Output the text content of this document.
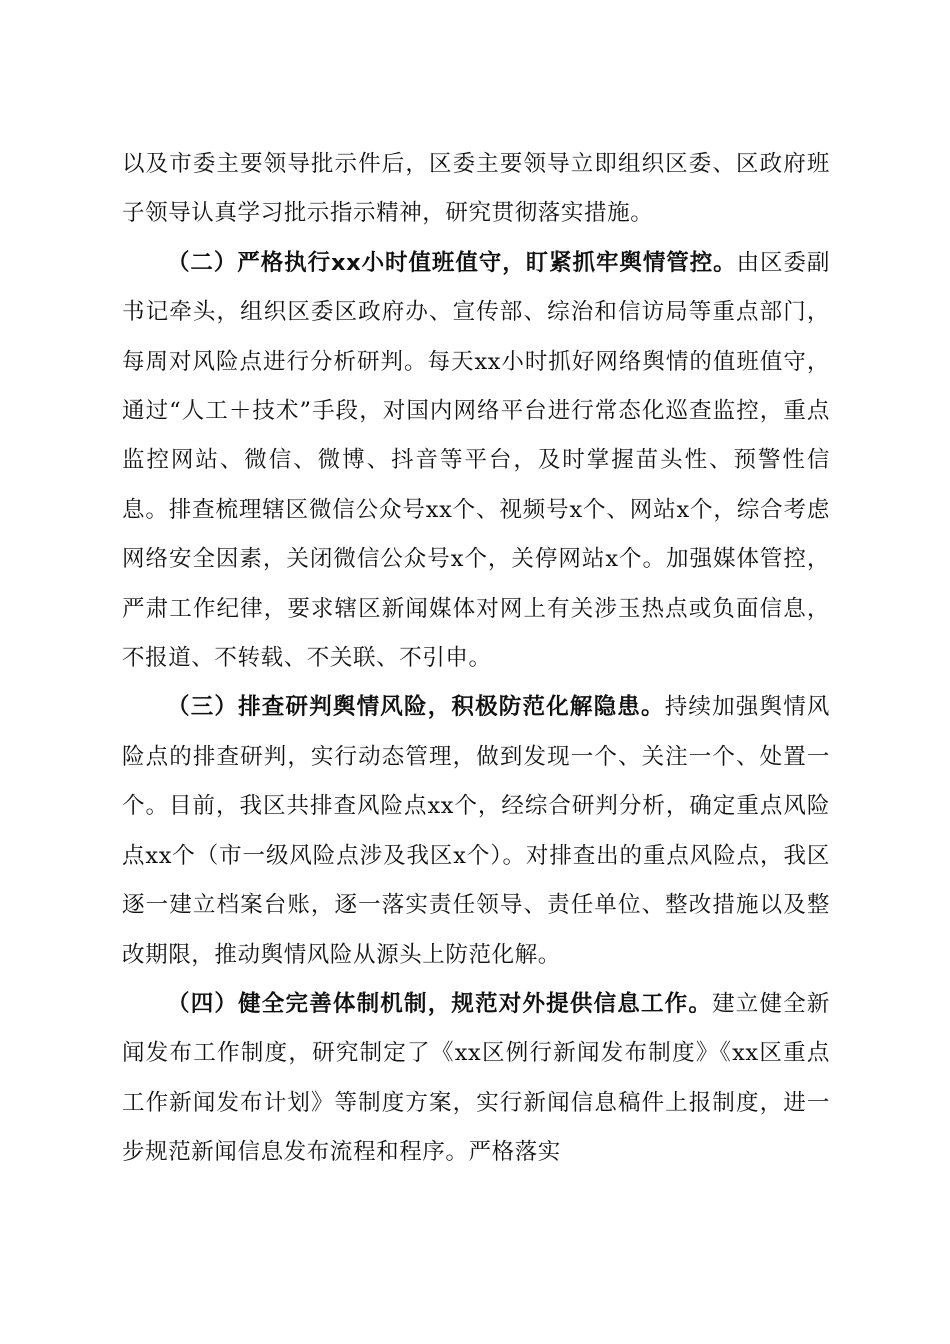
以及市委主要领导批示件后，区委主要领导立即组织区委、区政府班子领导认真学习批示指示精神，研究贯彻落实措施。

（二）严格执行xx小时值班值守，盯紧抓牢舆情管控。由区委副书记牵头，组织区委区政府办、宣传部、综治和信访局等重点部门，每周对风险点进行分析研判。每天xx小时抓好网络舆情的值班值守，通过“人工＋技术”手段，对国内网络平台进行常态化巡查监控，重点监控网站、微信、微博、抖音等平台，及时掌握苗头性、预警性信息。排查梳理辖区微信公众号xx个、视频号x个、网站x个，综合考虑网络安全因素，关闭微信公众号x个，关停网站x个。加强媒体管控，严肃工作纪律，要求辖区新闻媒体对网上有关涉玉热点或负面信息，不报道、不转载、不关联、不引申。

（三）排查研判舆情风险，积极防范化解隐患。持续加强舆情风险点的排查研判，实行动态管理，做到发现一个、关注一个、处置一个。目前，我区共排查风险点xx个，经综合研判分析，确定重点风险点xx个（市一级风险点涉及我区x个）。对排查出的重点风险点，我区逐一建立档案台账，逐一落实责任领导、责任单位、整改措施以及整改期限，推动舆情风险从源头上防范化解。

（四）健全完善体制机制，规范对外提供信息工作。建立健全新闻发布工作制度，研究制定了《xx区例行新闻发布制度》《xx区重点工作新闻发布计划》等制度方案，实行新闻信息稿件上报制度，进一步规范新闻信息发布流程和程序。严格落实
